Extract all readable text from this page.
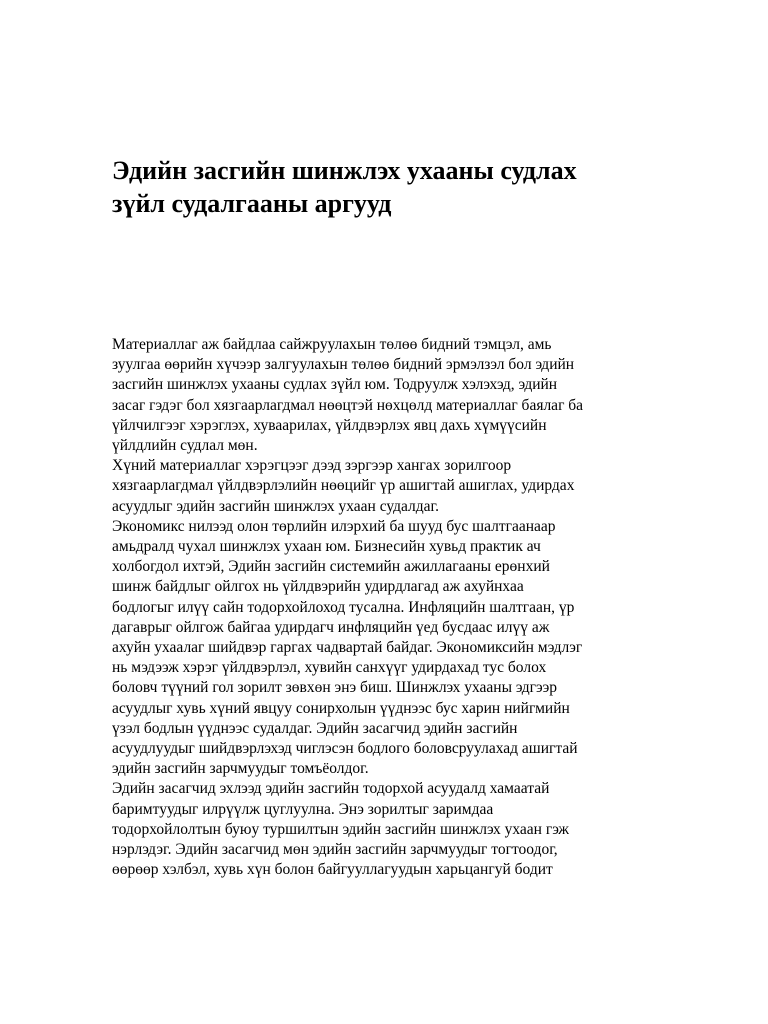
Эдийн засгийн шинжлэх ухааны судлах
зүйл судалгааны аргууд
Материаллаг аж байдлаа сайжруулахын төлөө бидний тэмцэл, амь
зуулгаа өөрийн хүчээр залгуулахын төлөө бидний эрмэлзэл бол эдийн
засгийн шинжлэх ухааны судлах зүйл юм. Тодруулж хэлэхэд, эдийн
засаг гэдэг бол хязгаарлагдмал нөөцтэй нөхцөлд материаллаг баялаг ба
үйлчилгээг хэрэглэх, хуваарилах, үйлдвэрлэх явц дахь хүмүүсийн
үйлдлийн судлал мөн.
Хүний материаллаг хэрэгцээг дээд зэргээр хангах зорилгоор
хязгаарлагдмал үйлдвэрлэлийн нөөцийг үр ашигтай ашиглах, удирдах
асуудлыг эдийн засгийн шинжлэх ухаан судалдаг.
Экономикс нилээд олон төрлийн илэрхий ба шууд бус шалтгаанаар
амьдралд чухал шинжлэх ухаан юм. Бизнесийн хувьд практик ач
холбогдол ихтэй, Эдийн засгийн системийн ажиллагааны ерөнхий
шинж байдлыг ойлгох нь үйлдвэрийн удирдлагад аж ахуйнхаа
бодлогыг илүү сайн тодорхойлоход тусална. Инфляцийн шалтгаан, үр
дагаврыг ойлгож байгаа удирдагч инфляцийн үед бусдаас илүү аж
ахуйн ухаалаг шийдвэр гаргах чадвартай байдаг. Экономиксийн мэдлэг
нь мэдээж хэрэг үйлдвэрлэл, хувийн санхүүг удирдахад тус болох
боловч түүний гол зорилт зөвхөн энэ биш. Шинжлэх ухааны эдгээр
асуудлыг хувь хүний явцуу сонирхолын үүднээс бус харин нийгмийн
үзэл бодлын үүднээс судалдаг. Эдийн засагчид эдийн засгийн
асуудлуудыг шийдвэрлэхэд чиглэсэн бодлого боловсруулахад ашигтай
эдийн засгийн зарчмуудыг томъёолдог.
Эдийн засагчид эхлээд эдийн засгийн тодорхой асуудалд хамаатай
баримтуудыг илрүүлж цуглуулна. Энэ зорилтыг заримдаа
тодорхойлолтын буюу туршилтын эдийн засгийн шинжлэх ухаан гэж
нэрлэдэг. Эдийн засагчид мөн эдийн засгийн зарчмуудыг тогтоодог,
өөрөөр хэлбэл, хувь хүн болон байгууллагуудын харьцангуй бодит
